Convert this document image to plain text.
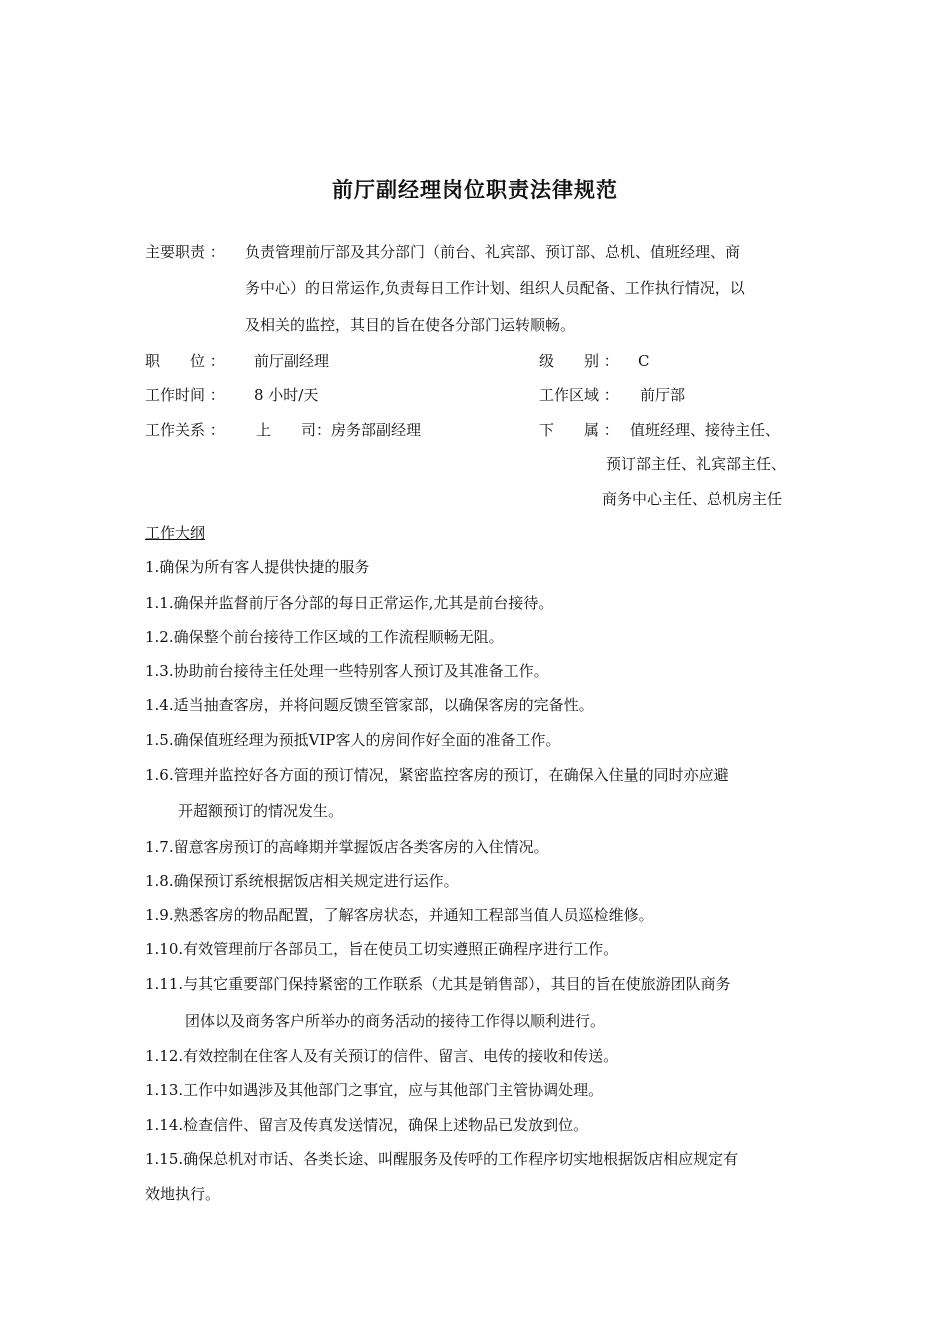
前厅副经理岗位职责法律规范
主要职责 ： 负责管理前厅部及其分部门（前台、礼宾部、预订部、总机、值班经理、商
务中心）的日常运作,负责每日工作计划、组织人员配备、工作执行情况，以
及相关的监控，其目的旨在使各分部门运转顺畅。
职　　位 ： 前厅副经理	级　　别 ： C
工作时间 ： 8 小时/天	工作区域 ： 前厅部
工作关系 ： 上　　司：房务部副经理	下　　属 ： 值班经理、接待主任、
预订部主任、礼宾部主任、
商务中心主任、总机房主任
工作大纲
1.确保为所有客人提供快捷的服务
1.1.确保并监督前厅各分部的每日正常运作,尤其是前台接待。
1.2.确保整个前台接待工作区域的工作流程顺畅无阻。
1.3.协助前台接待主任处理一些特别客人预订及其准备工作。
1.4.适当抽查客房，并将问题反馈至管家部，以确保客房的完备性。
1.5.确保值班经理为预抵VIP客人的房间作好全面的准备工作。
1.6.管理并监控好各方面的预订情况，紧密监控客房的预订，在确保入住量的同时亦应避
开超额预订的情况发生。
1.7.留意客房预订的高峰期并掌握饭店各类客房的入住情况。
1.8.确保预订系统根据饭店相关规定进行运作。
1.9.熟悉客房的物品配置，了解客房状态，并通知工程部当值人员巡检维修。
1.10.有效管理前厅各部员工，旨在使员工切实遵照正确程序进行工作。
1.11.与其它重要部门保持紧密的工作联系（尤其是销售部），其目的旨在使旅游团队商务
团体以及商务客户所举办的商务活动的接待工作得以顺利进行。
1.12.有效控制在住客人及有关预订的信件、留言、电传的接收和传送。
1.13.工作中如遇涉及其他部门之事宜，应与其他部门主管协调处理。
1.14.检查信件、留言及传真发送情况，确保上述物品已发放到位。
1.15.确保总机对市话、各类长途、叫醒服务及传呼的工作程序切实地根据饭店相应规定有
效地执行。
